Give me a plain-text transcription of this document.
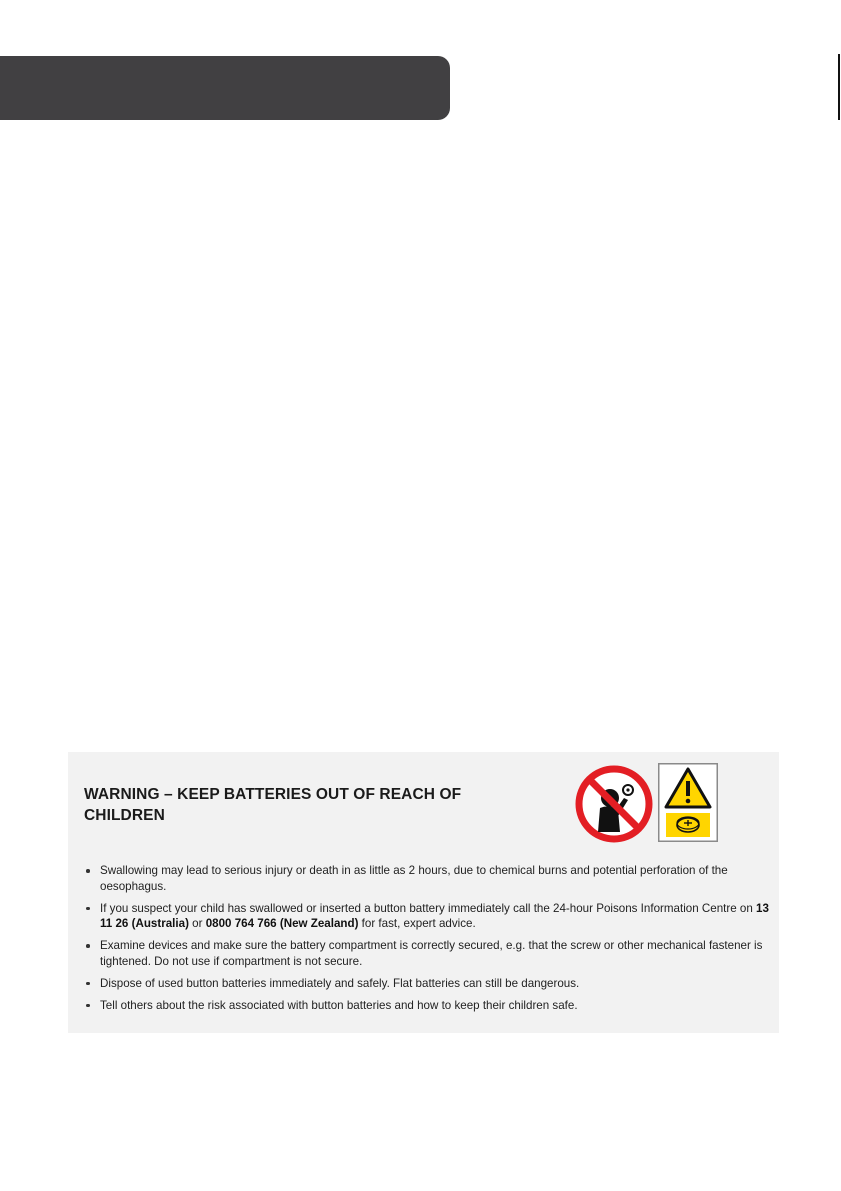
WARNING – KEEP BATTERIES OUT OF REACH OF CHILDREN
Swallowing may lead to serious injury or death in as little as 2 hours, due to chemical burns and potential perforation of the oesophagus.
If you suspect your child has swallowed or inserted a button battery immediately call the 24-hour Poisons Information Centre on 13 11 26 (Australia) or 0800 764 766 (New Zealand) for fast, expert advice.
Examine devices and make sure the battery compartment is correctly secured, e.g. that the screw or other mechanical fastener is tightened. Do not use if compartment is not secure.
Dispose of used button batteries immediately and safely. Flat batteries can still be dangerous.
Tell others about the risk associated with button batteries and how to keep their children safe.
